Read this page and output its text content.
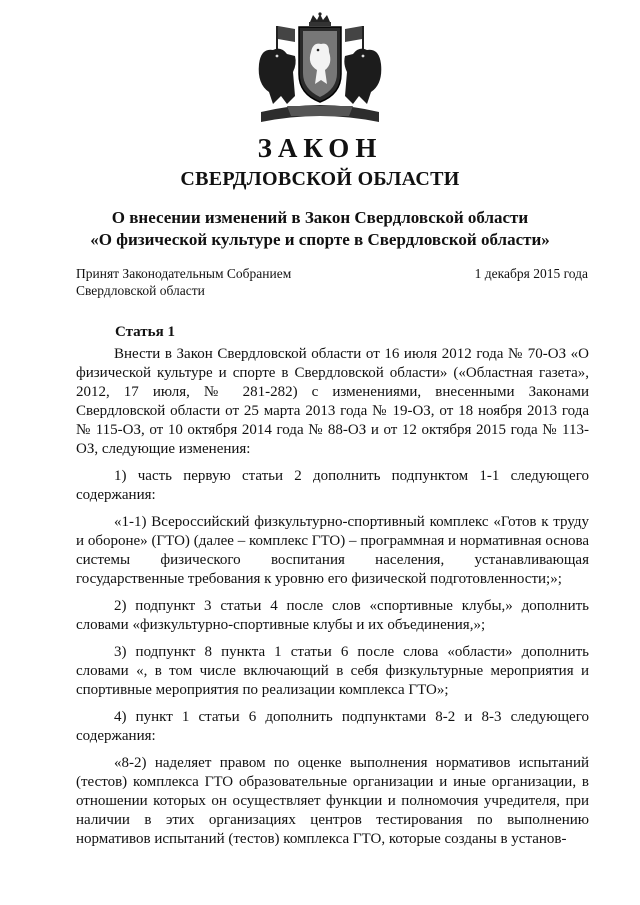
ЗАКОН
СВЕРДЛОВСКОЙ ОБЛАСТИ
О внесении изменений в Закон Свердловской области
«О физической культуре и спорте в Свердловской области»
Принят Законодательным Собранием
Свердловской области
1 декабря 2015 года
Статья 1

Внести в Закон Свердловской области от 16 июля 2012 года № 70-ОЗ «О физической культуре и спорте в Свердловской области» («Областная газета», 2012, 17 июля, № 281-282) с изменениями, внесенными Законами Свердловской области от 25 марта 2013 года № 19-ОЗ, от 18 ноября 2013 года № 115-ОЗ, от 10 октября 2014 года № 88-ОЗ и от 12 октября 2015 года № 113-ОЗ, следующие изменения:

1) часть первую статьи 2 дополнить подпунктом 1-1 следующего содержания:

«1-1) Всероссийский физкультурно-спортивный комплекс «Готов к труду и обороне» (ГТО) (далее – комплекс ГТО) – программная и нормативная основа системы физического воспитания населения, устанавливающая государственные требования к уровню его физической подготовленности;»;

2) подпункт 3 статьи 4 после слов «спортивные клубы,» дополнить словами «физкультурно-спортивные клубы и их объединения,»;

3) подпункт 8 пункта 1 статьи 6 после слова «области» дополнить словами «, в том числе включающий в себя физкультурные мероприятия и спортивные мероприятия по реализации комплекса ГТО»;

4) пункт 1 статьи 6 дополнить подпунктами 8-2 и 8-3 следующего содержания:

«8-2) наделяет правом по оценке выполнения нормативов испытаний (тестов) комплекса ГТО образовательные организации и иные организации, в отношении которых он осуществляет функции и полномочия учредителя, при наличии в этих организациях центров тестирования по выполнению нормативов испытаний (тестов) комплекса ГТО, которые созданы в установ-
